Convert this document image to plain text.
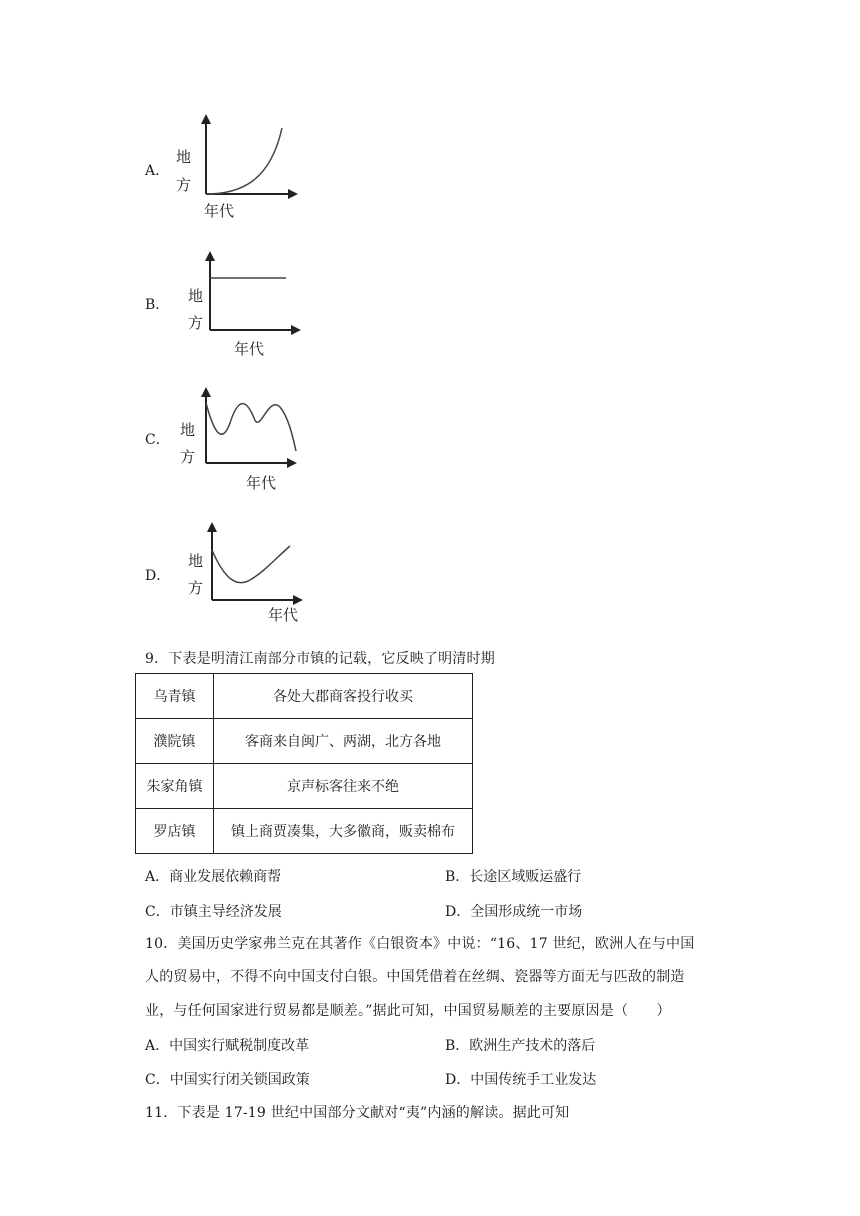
A．
地
方
年代
B． 地
方
年代
C．
地
方
年代
D．
地
方
年代
9．下表是明清江南部分市镇的记载，它反映了明清时期
乌青镇	各处大郡商客投行收买
濮院镇	客商来自闽广、两湖，北方各地
朱家角镇	京声标客往来不绝
罗店镇	镇上商贾凑集，大多徽商，贩卖棉布
A．商业发展依赖商帮	B．长途区域贩运盛行
C．市镇主导经济发展	D．全国形成统一市场
10．美国历史学家弗兰克在其著作《白银资本》中说：“16、17 世纪，欧洲人在与中国
人的贸易中，不得不向中国支付白银。中国凭借着在丝绸、瓷器等方面无与匹敌的制造
业，与任何国家进行贸易都是顺差。”据此可知，中国贸易顺差的主要原因是（　　）
A．中国实行赋税制度改革	B．欧洲生产技术的落后
C．中国实行闭关锁国政策	D．中国传统手工业发达
11．下表是 17-19 世纪中国部分文献对“夷”内涵的解读。据此可知
